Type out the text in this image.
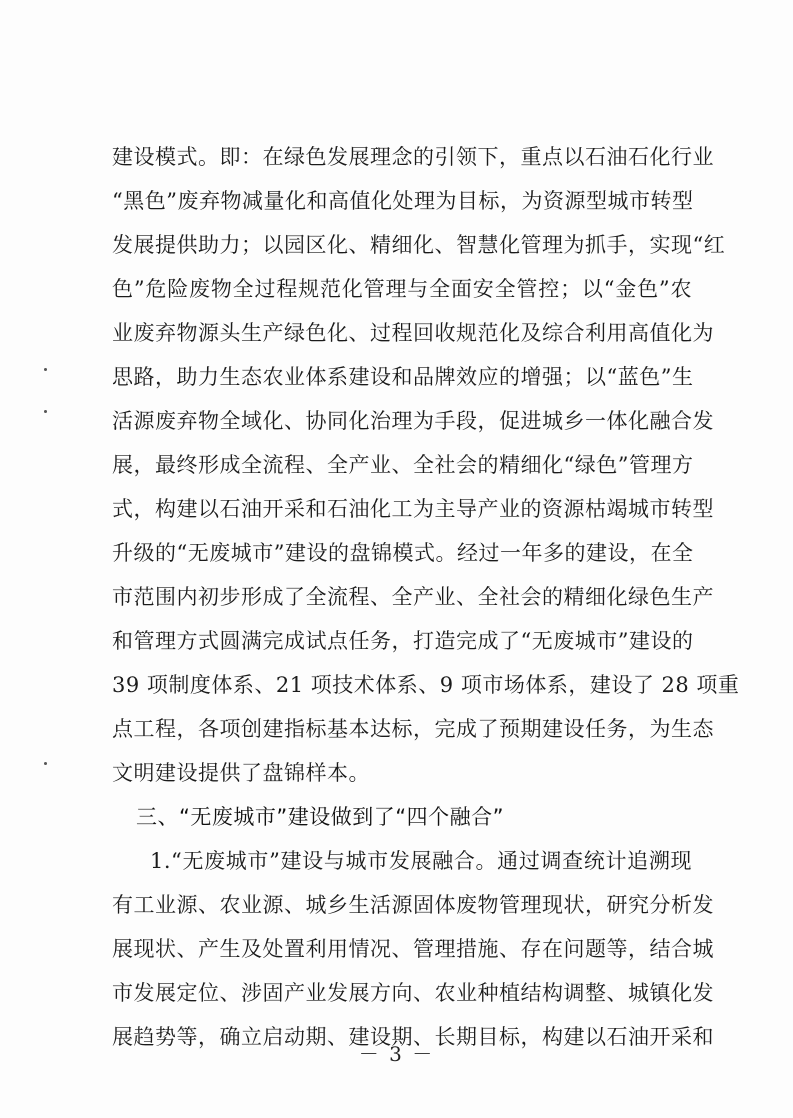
建设模式。即：在绿色发展理念的引领下，重点以石油石化行业
“黑色”废弃物减量化和高值化处理为目标，为资源型城市转型
发展提供助力；以园区化、精细化、智慧化管理为抓手，实现“红
色”危险废物全过程规范化管理与全面安全管控；以“金色”农
业废弃物源头生产绿色化、过程回收规范化及综合利用高值化为
思路，助力生态农业体系建设和品牌效应的增强；以“蓝色”生
活源废弃物全域化、协同化治理为手段，促进城乡一体化融合发
展，最终形成全流程、全产业、全社会的精细化“绿色”管理方
式，构建以石油开采和石油化工为主导产业的资源枯竭城市转型
升级的“无废城市”建设的盘锦模式。经过一年多的建设，在全
市范围内初步形成了全流程、全产业、全社会的精细化绿色生产
和管理方式圆满完成试点任务，打造完成了“无废城市”建设的
39 项制度体系、21 项技术体系、9 项市场体系，建设了 28 项重
点工程，各项创建指标基本达标，完成了预期建设任务，为生态
文明建设提供了盘锦样本。
三、“无废城市”建设做到了“四个融合”
1.“无废城市”建设与城市发展融合。通过调查统计追溯现
有工业源、农业源、城乡生活源固体废物管理现状，研究分析发
展现状、产生及处置利用情况、管理措施、存在问题等，结合城
市发展定位、涉固产业发展方向、农业种植结构调整、城镇化发
展趋势等，确立启动期、建设期、长期目标，构建以石油开采和
－ 3 －
